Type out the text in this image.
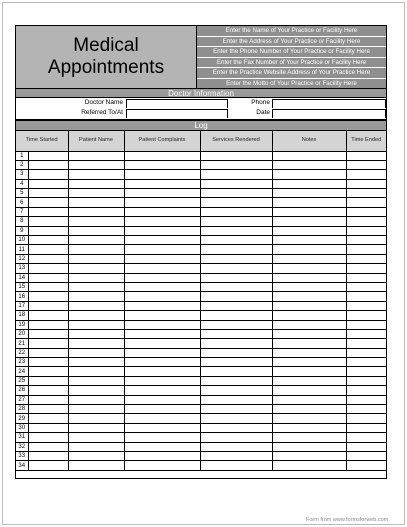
Medical
Appointments
Enter the Name of Your Practice or Facility Here
Enter the Address of Your Practice or Facility Here
Enter the Phone Number of Your Practice or Facility Here
Enter the Fax Number of Your Practice or Facility Here
Enter the Practice Website Address of Your Practice Here
Enter the Motto of Your Practice or Facility Here
Doctor Information
Doctor Name	Phone
Referred To/At	Date
Log
Time Started		Patient Name	Patient Complaints	Services Rendered	Notes	Time Ended
1						
2						
3						
4						
5						
6						
7						
8						
9						
10						
11						
12						
13						
14						
15						
16						
17						
18						
19						
20						
21						
22						
23						
24						
25						
26						
27						
28						
29						
30						
31						
32						
33						
34						
Form from www.formsforweb.com
